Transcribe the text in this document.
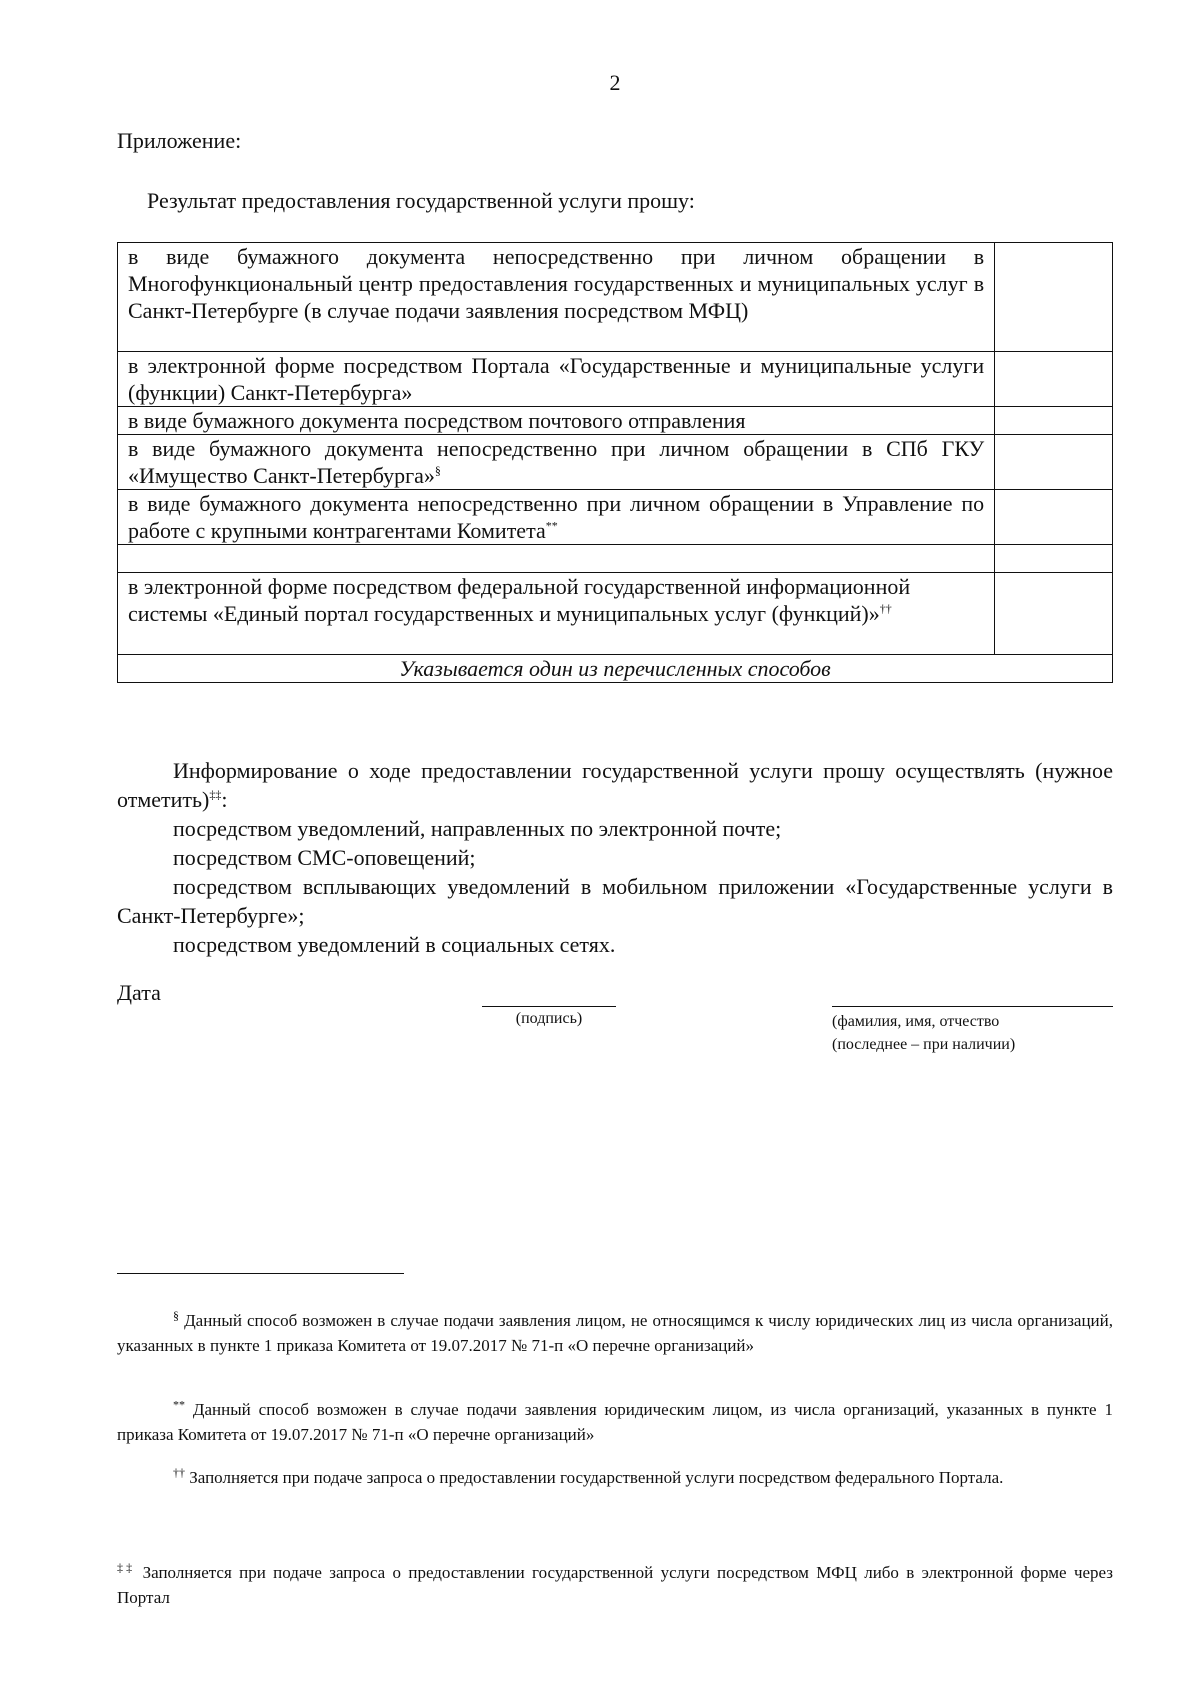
2
Приложение:
Результат предоставления государственной услуги прошу:
в виде бумажного документа непосредственно при личном обращении в Многофункциональный центр предоставления государственных и муниципальных услуг в Санкт-Петербурге (в случае подачи заявления посредством МФЦ)	
в электронной форме посредством Портала «Государственные и муниципальные услуги (функции) Санкт-Петербурга»	
в виде бумажного документа посредством почтового отправления	
в виде бумажного документа непосредственно при личном обращении в СПб ГКУ «Имущество Санкт-Петербурга»§	
в виде бумажного документа непосредственно при личном обращении в Управление по работе с крупными контрагентами Комитета**	

в электронной форме посредством федеральной государственной информационной системы «Единый портал государственных и муниципальных услуг (функций)»††	
Указывается один из перечисленных способов	

Информирование о ходе предоставлении государственной услуги прошу осуществлять (нужное отметить)‡‡:

посредством уведомлений, направленных по электронной почте;

посредством СМС-оповещений;

посредством всплывающих уведомлений в мобильном приложении «Государственные услуги в Санкт-Петербурге»;

посредством уведомлений в социальных сетях.

Дата
(подпись)	(фамилия, имя, отчество
(последнее – при наличии)

§ Данный способ возможен в случае подачи заявления лицом, не относящимся к числу юридических лиц из числа организаций, указанных в пункте 1 приказа Комитета от 19.07.2017 № 71-п «О перечне организаций»

** Данный способ возможен в случае подачи заявления юридическим лицом, из числа организаций, указанных в пункте 1 приказа Комитета от 19.07.2017 № 71-п «О перечне организаций»

†† Заполняется при подаче запроса о предоставлении государственной услуги посредством федерального Портала.

‡‡ Заполняется при подаче запроса о предоставлении государственной услуги посредством МФЦ либо в электронной форме через Портал
